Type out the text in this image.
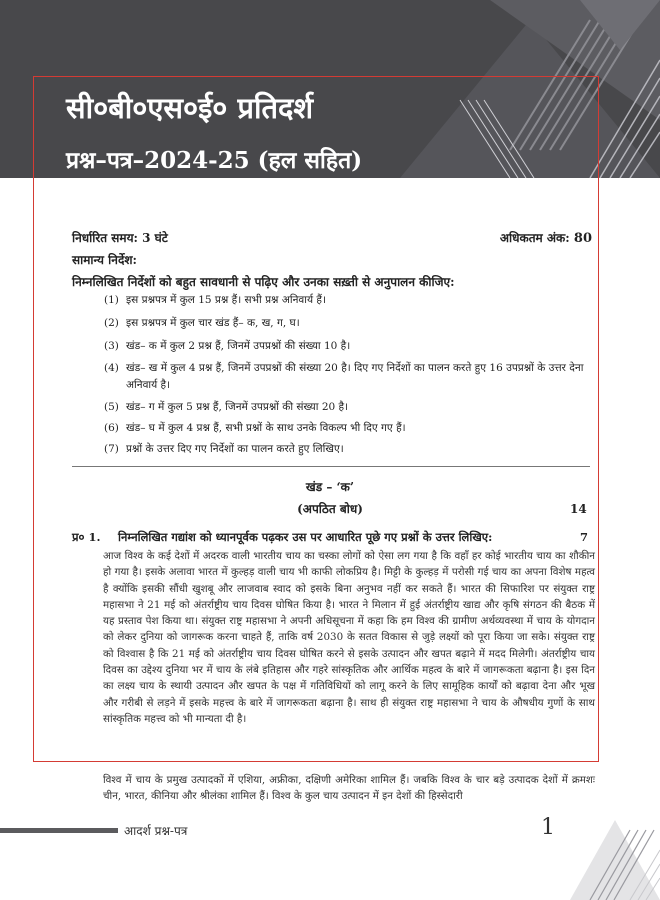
सी०बी०एस०ई० प्रतिदर्श
प्रश्न–पत्र–2024-25 (हल सहित)
निर्धारित समय: 3 घंटे	अधिकतम अंक: 80
सामान्य निर्देश:
निम्नलिखित निर्देशों को बहुत सावधानी से पढ़िए और उनका सख़्ती से अनुपालन कीजिए:
(1) इस प्रश्नपत्र में कुल 15 प्रश्न हैं। सभी प्रश्न अनिवार्य हैं।
(2) इस प्रश्नपत्र में कुल चार खंड हैं– क, ख, ग, घ।
(3) खंड– क में कुल 2 प्रश्न हैं, जिनमें उपप्रश्नों की संख्या 10 है।
(4) खंड– ख में कुल 4 प्रश्न हैं, जिनमें उपप्रश्नों की संख्या 20 है। दिए गए निर्देशों का पालन करते हुए 16 उपप्रश्नों के उत्तर देना अनिवार्य है।
(5) खंड– ग में कुल 5 प्रश्न हैं, जिनमें उपप्रश्नों की संख्या 20 है।
(6) खंड– घ में कुल 4 प्रश्न हैं, सभी प्रश्नों के साथ उनके विकल्प भी दिए गए हैं।
(7) प्रश्नों के उत्तर दिए गए निर्देशों का पालन करते हुए लिखिए।
खंड – ‘क’
(अपठित बोध)	14
प्र० 1. निम्नलिखित गद्यांश को ध्यानपूर्वक पढ़कर उस पर आधारित पूछे गए प्रश्नों के उत्तर लिखिए:	7
आज विश्व के कई देशों में अदरक वाली भारतीय चाय का चस्का लोगों को ऐसा लग गया है कि वहाँ हर कोई भारतीय चाय का शौकीन हो गया है। इसके अलावा भारत में कुल्हड़ वाली चाय भी काफी लोकप्रिय है। मिट्टी के कुल्हड़ में परोसी गई चाय का अपना विशेष महत्व है क्योंकि इसकी सौंधी खुशबू और लाजवाब स्वाद को इसके बिना अनुभव नहीं कर सकते हैं। भारत की सिफारिश पर संयुक्त राष्ट्र महासभा ने 21 मई को अंतर्राष्ट्रीय चाय दिवस घोषित किया है। भारत ने मिलान में हुई अंतर्राष्ट्रीय खाद्य और कृषि संगठन की बैठक में यह प्रस्ताव पेश किया था। संयुक्त राष्ट्र महासभा ने अपनी अधिसूचना में कहा कि हम विश्व की ग्रामीण अर्थव्यवस्था में चाय के योगदान को लेकर दुनिया को जागरूक करना चाहते हैं, ताकि वर्ष 2030 के सतत विकास से जुड़े लक्ष्यों को पूरा किया जा सके। संयुक्त राष्ट्र को विश्वास है कि 21 मई को अंतर्राष्ट्रीय चाय दिवस घोषित करने से इसके उत्पादन और खपत बढ़ाने में मदद मिलेगी। अंतर्राष्ट्रीय चाय दिवस का उद्देश्य दुनिया भर में चाय के लंबे इतिहास और गहरे सांस्कृतिक और आर्थिक महत्व के बारे में जागरूकता बढ़ाना है। इस दिन का लक्ष्य चाय के स्थायी उत्पादन और खपत के पक्ष में गतिविधियों को लागू करने के लिए सामूहिक कार्यों को बढ़ावा देना और भूख और गरीबी से लड़ने में इसके महत्त्व के बारे में जागरूकता बढ़ाना है। साथ ही संयुक्त राष्ट्र महासभा ने चाय के औषधीय गुणों के साथ सांस्कृतिक महत्त्व को भी मान्यता दी है।
विश्व में चाय के प्रमुख उत्पादकों में एशिया, अफ्रीका, दक्षिणी अमेरिका शामिल हैं। जबकि विश्व के चार बड़े उत्पादक देशों में क्रमशः चीन, भारत, कीनिया और श्रीलंका शामिल हैं। विश्व के कुल चाय उत्पादन में इन देशों की हिस्सेदारी
आदर्श प्रश्न-पत्र	1
